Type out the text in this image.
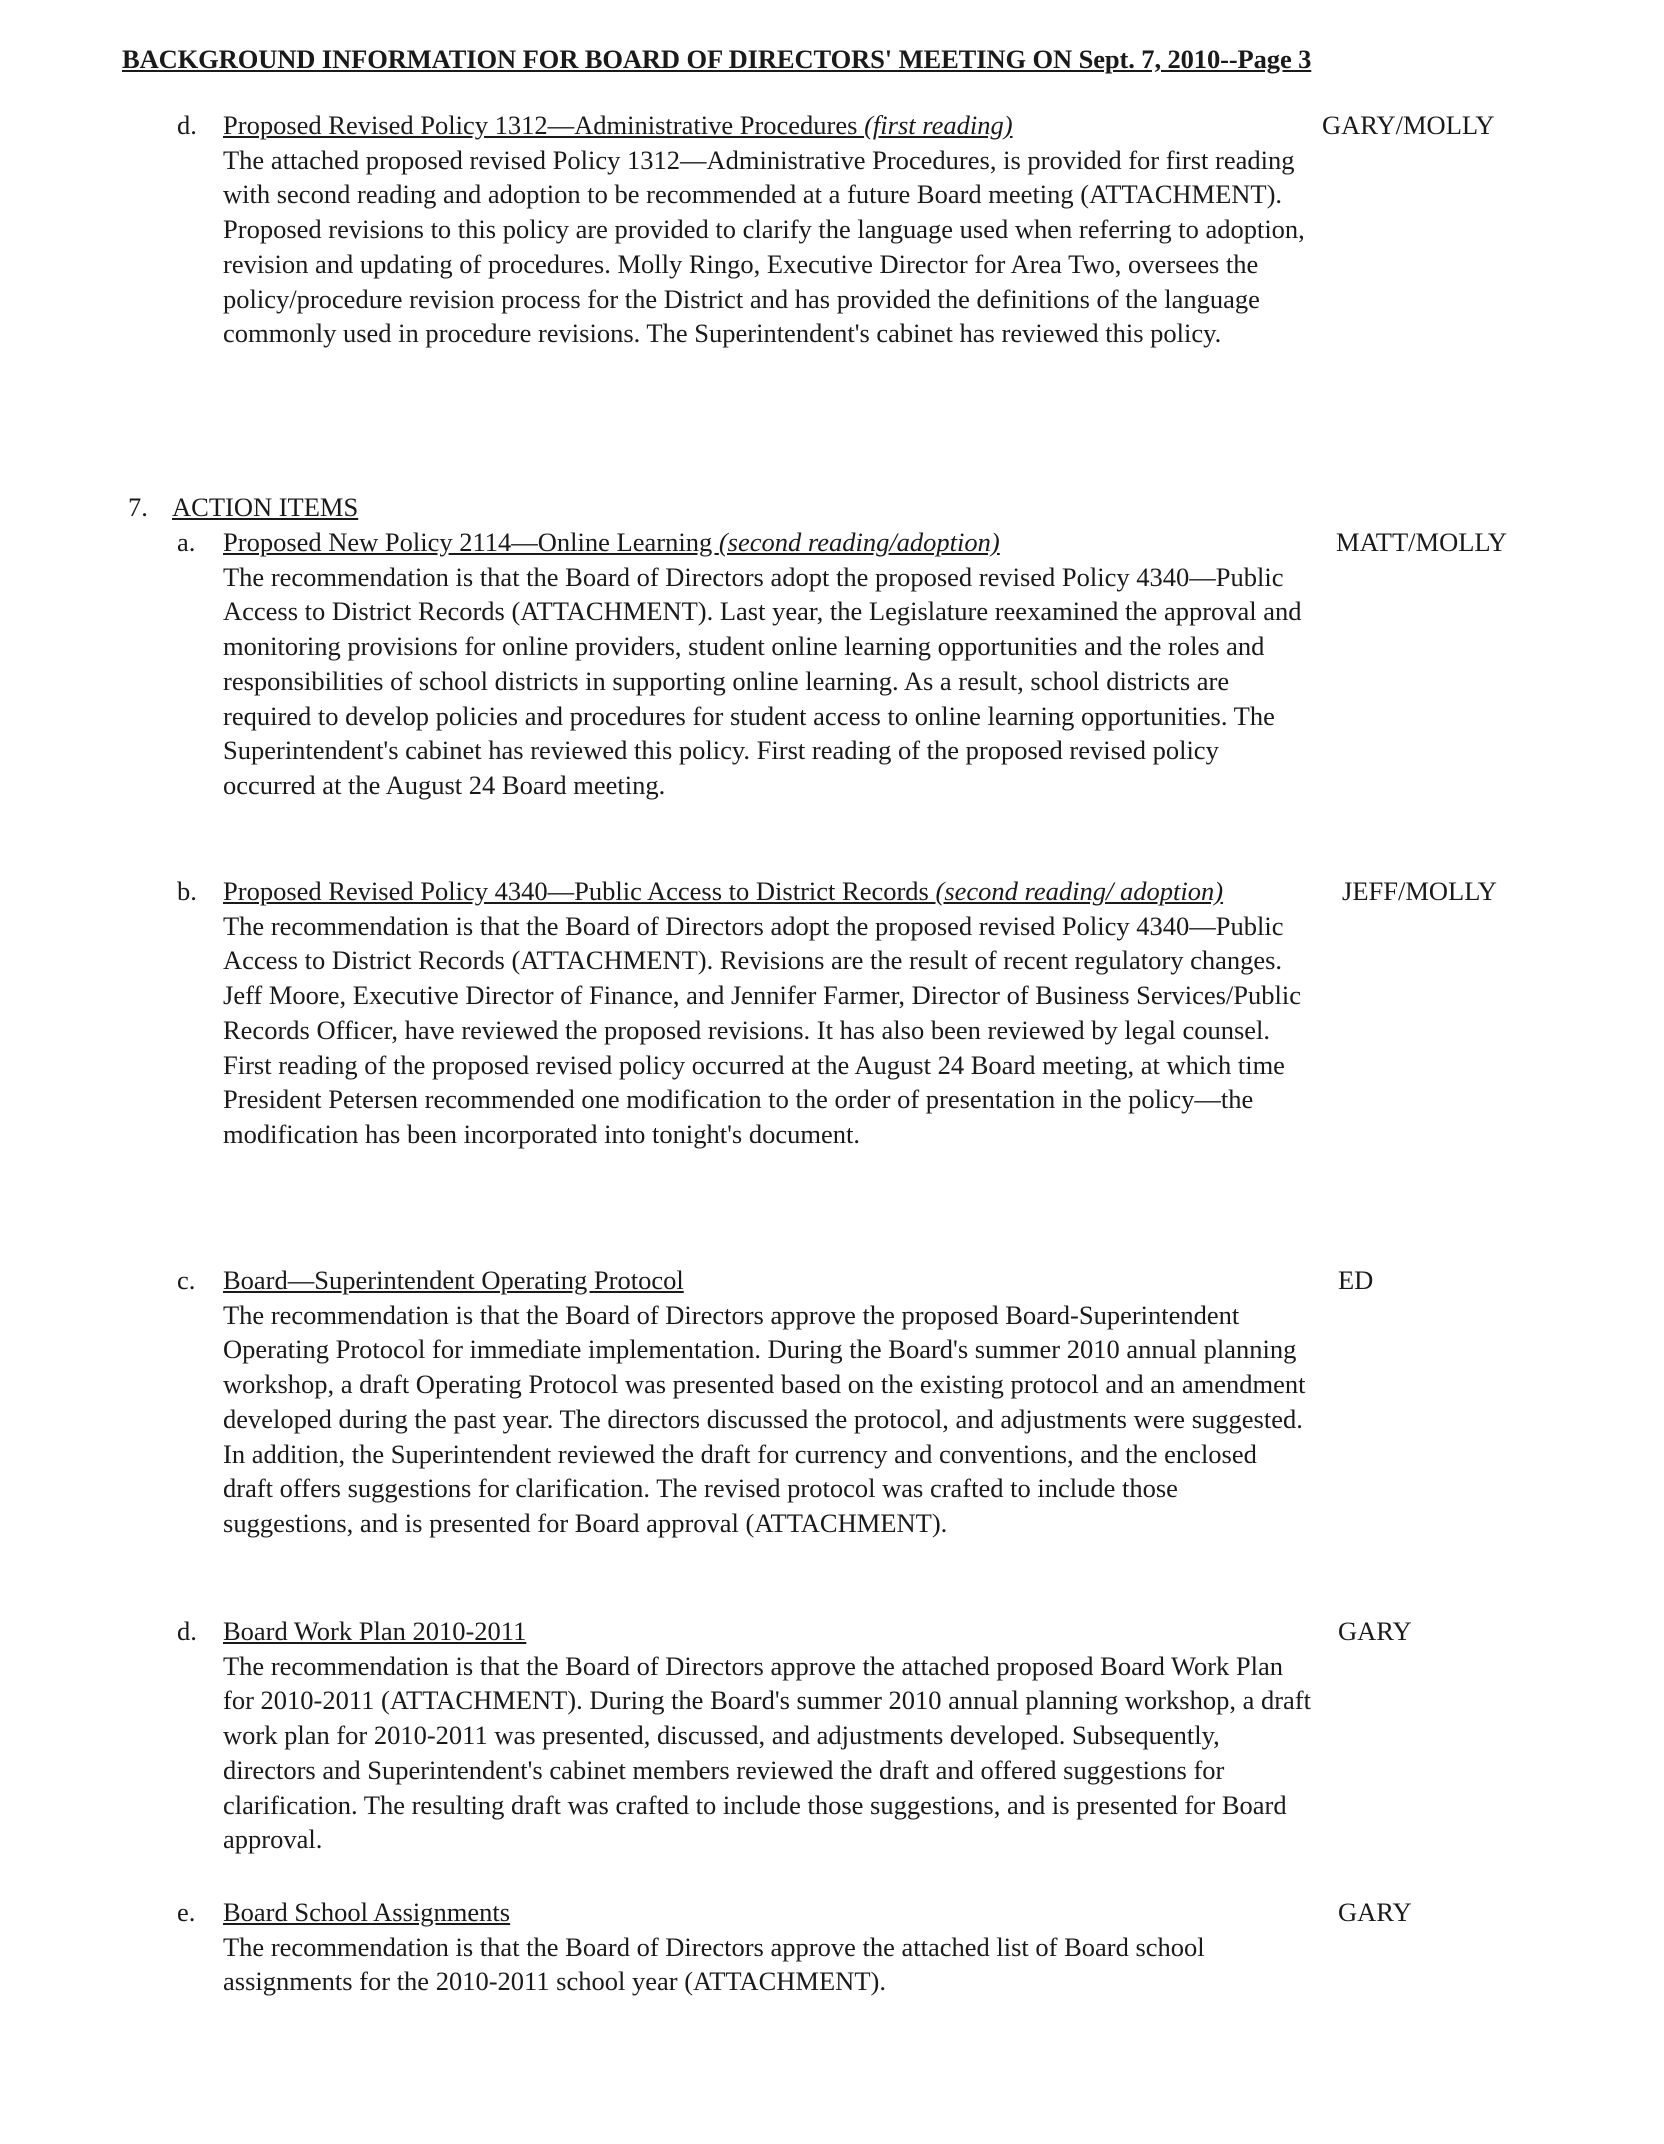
BACKGROUND INFORMATION FOR BOARD OF DIRECTORS' MEETING ON Sept. 7, 2010--Page 3
d. Proposed Revised Policy 1312—Administrative Procedures (first reading)
The attached proposed revised Policy 1312—Administrative Procedures, is provided for first reading with second reading and adoption to be recommended at a future Board meeting (ATTACHMENT). Proposed revisions to this policy are provided to clarify the language used when referring to adoption, revision and updating of procedures. Molly Ringo, Executive Director for Area Two, oversees the policy/procedure revision process for the District and has provided the definitions of the language commonly used in procedure revisions. The Superintendent's cabinet has reviewed this policy.
GARY/MOLLY
7. ACTION ITEMS
a.	Proposed New Policy 2114—Online Learning (second reading/adoption)
The recommendation is that the Board of Directors adopt the proposed revised Policy 4340—Public Access to District Records (ATTACHMENT). Last year, the Legislature reexamined the approval and monitoring provisions for online providers, student online learning opportunities and the roles and responsibilities of school districts in supporting online learning. As a result, school districts are required to develop policies and procedures for student access to online learning opportunities. The Superintendent's cabinet has reviewed this policy. First reading of the proposed revised policy occurred at the August 24 Board meeting.
MATT/MOLLY
b. Proposed Revised Policy 4340—Public Access to District Records (second reading/ adoption)
The recommendation is that the Board of Directors adopt the proposed revised Policy 4340—Public Access to District Records (ATTACHMENT). Revisions are the result of recent regulatory changes. Jeff Moore, Executive Director of Finance, and Jennifer Farmer, Director of Business Services/Public Records Officer, have reviewed the proposed revisions. It has also been reviewed by legal counsel. First reading of the proposed revised policy occurred at the August 24 Board meeting, at which time President Petersen recommended one modification to the order of presentation in the policy—the modification has been incorporated into tonight's document.
JEFF/MOLLY
c.	Board—Superintendent Operating Protocol
The recommendation is that the Board of Directors approve the proposed Board-Superintendent Operating Protocol for immediate implementation. During the Board's summer 2010 annual planning workshop, a draft Operating Protocol was presented based on the existing protocol and an amendment developed during the past year. The directors discussed the protocol, and adjustments were suggested. In addition, the Superintendent reviewed the draft for currency and conventions, and the enclosed draft offers suggestions for clarification. The revised protocol was crafted to include those suggestions, and is presented for Board approval (ATTACHMENT).
ED
d. Board Work Plan 2010-2011
The recommendation is that the Board of Directors approve the attached proposed Board Work Plan for 2010-2011 (ATTACHMENT). During the Board's summer 2010 annual planning workshop, a draft work plan for 2010-2011 was presented, discussed, and adjustments developed. Subsequently, directors and Superintendent's cabinet members reviewed the draft and offered suggestions for clarification. The resulting draft was crafted to include those suggestions, and is presented for Board approval.
GARY
e.	Board School Assignments
The recommendation is that the Board of Directors approve the attached list of Board school assignments for the 2010-2011 school year (ATTACHMENT).
GARY
